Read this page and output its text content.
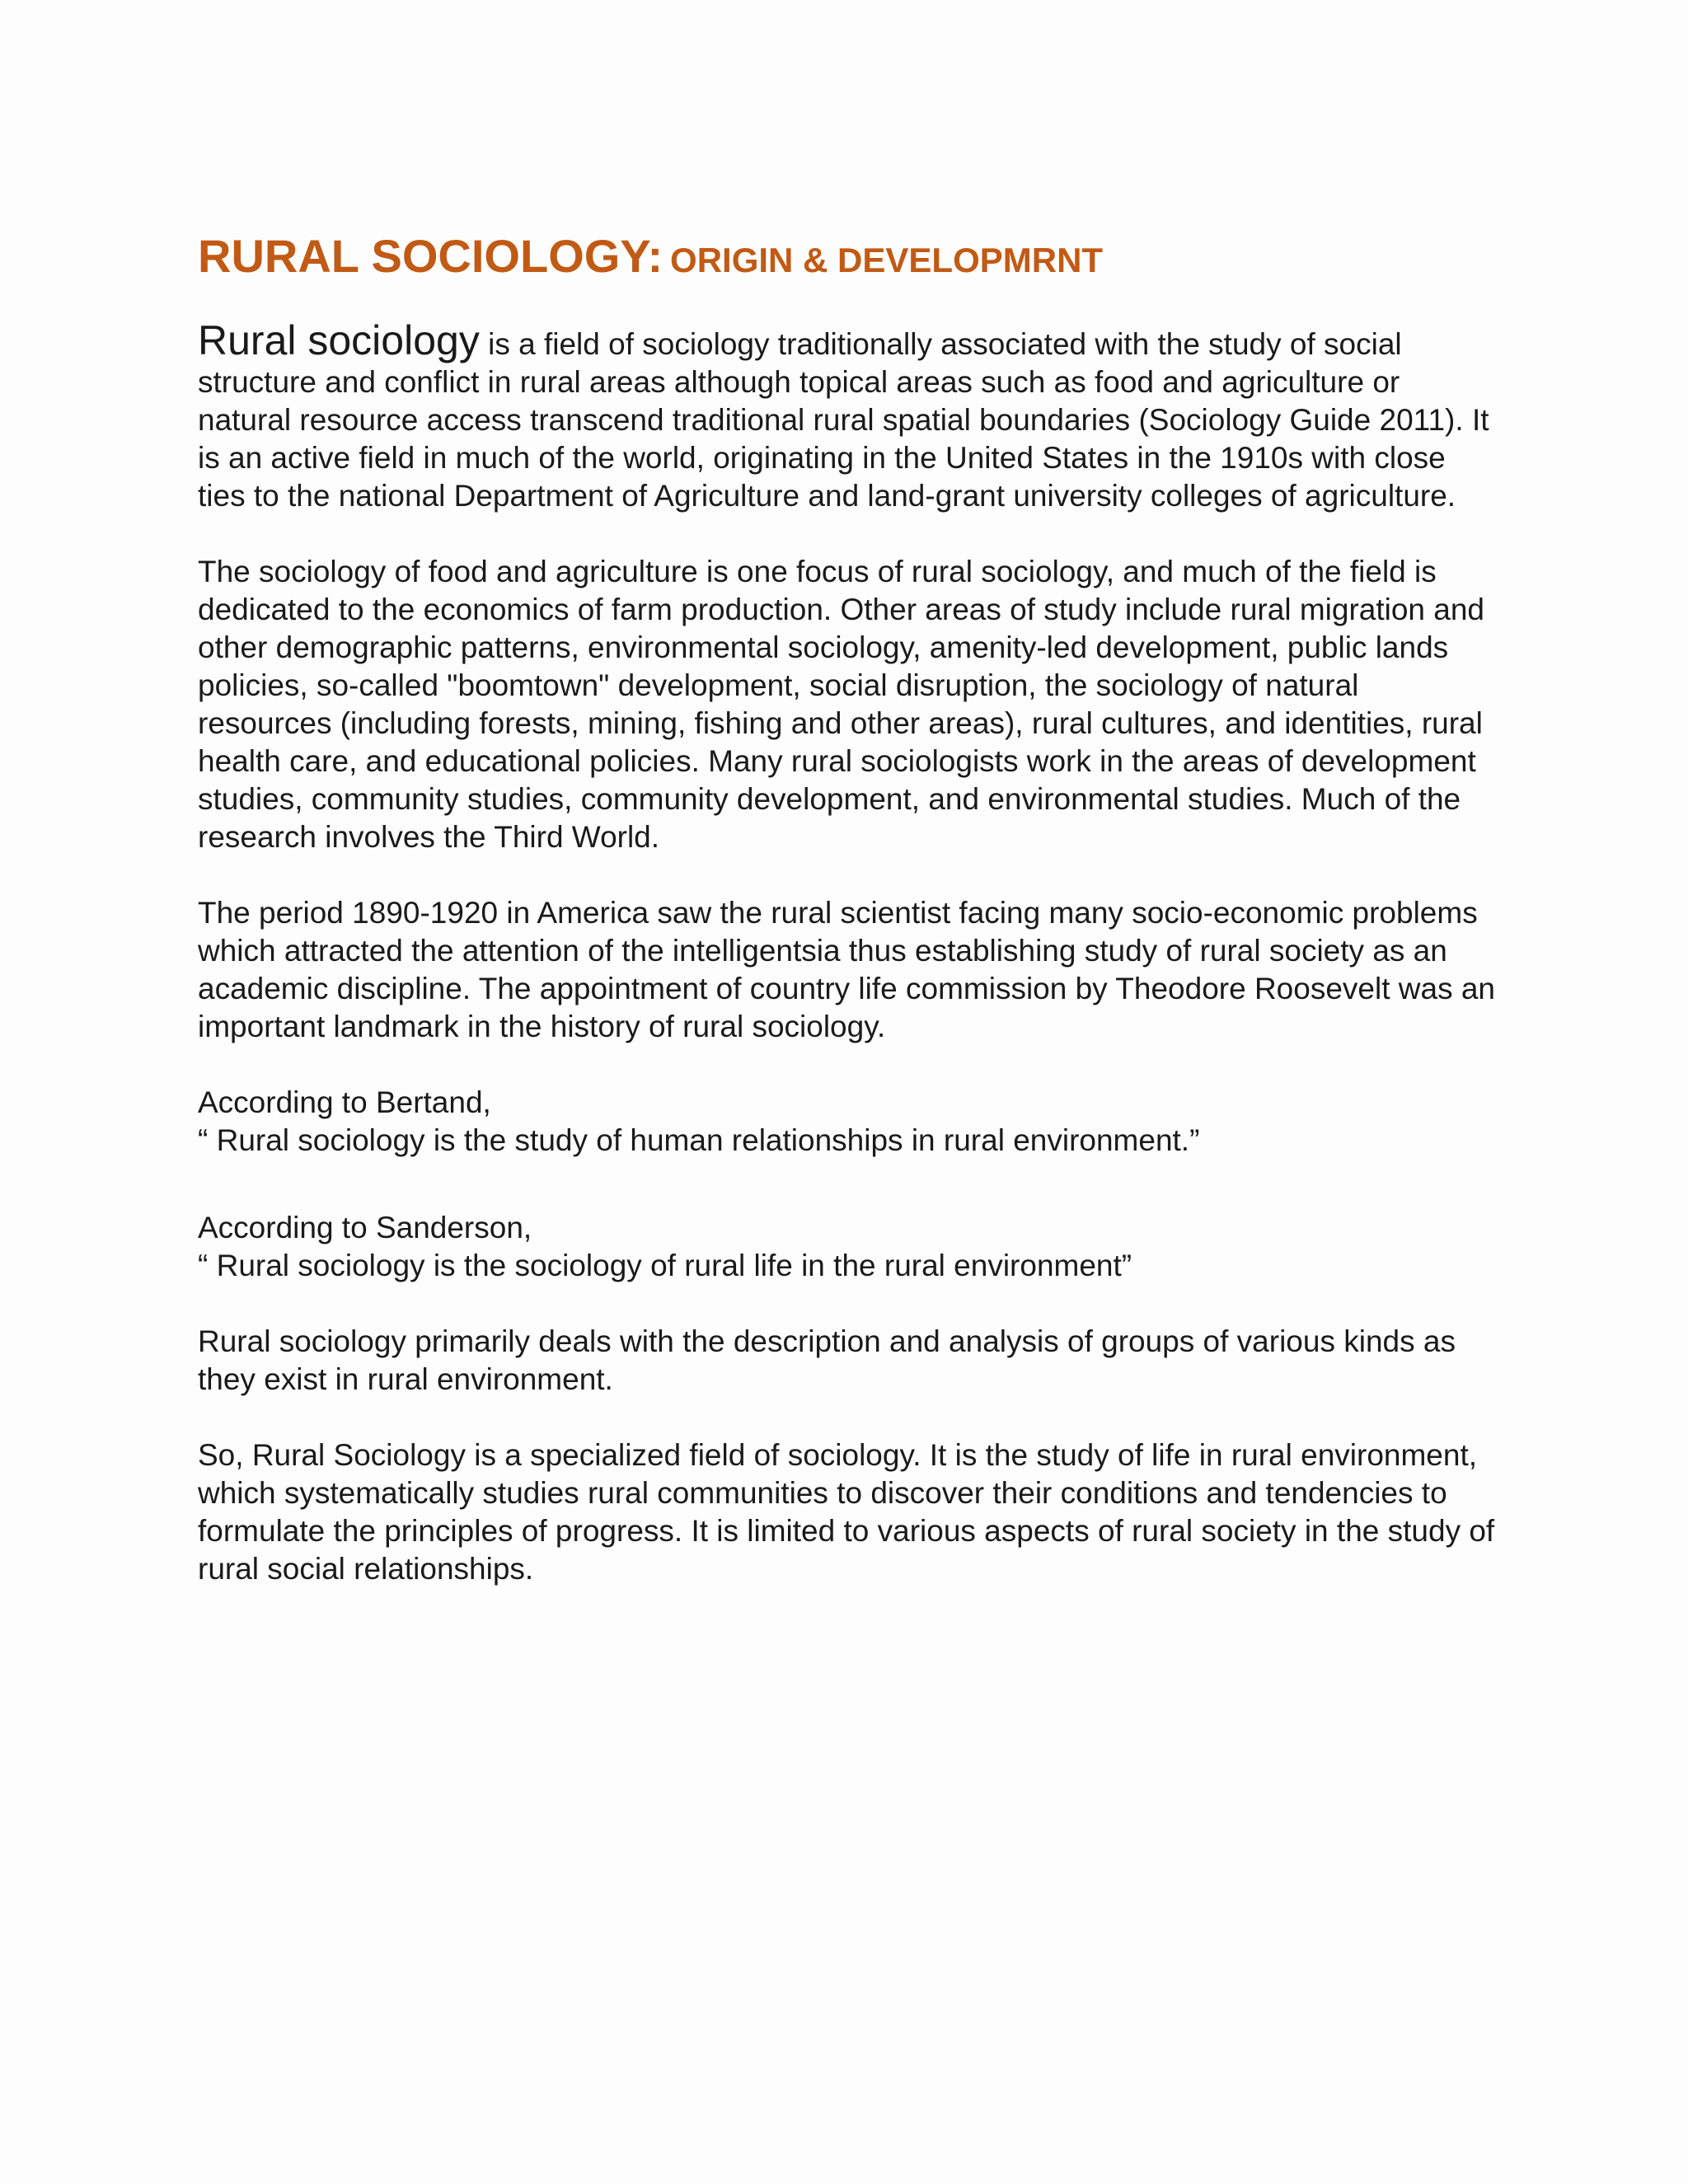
RURAL SOCIOLOGY: ORIGIN & DEVELOPMRNT

Rural sociology is a field of sociology traditionally associated with the study of social structure and conflict in rural areas although topical areas such as food and agriculture or natural resource access transcend traditional rural spatial boundaries (Sociology Guide 2011). It is an active field in much of the world, originating in the United States in the 1910s with close ties to the national Department of Agriculture and land-grant university colleges of agriculture.

The sociology of food and agriculture is one focus of rural sociology, and much of the field is dedicated to the economics of farm production. Other areas of study include rural migration and other demographic patterns, environmental sociology, amenity-led development, public lands policies, so-called "boomtown" development, social disruption, the sociology of natural resources (including forests, mining, fishing and other areas), rural cultures, and identities, rural health care, and educational policies. Many rural sociologists work in the areas of development studies, community studies, community development, and environmental studies. Much of the research involves the Third World.

The period 1890-1920 in America saw the rural scientist facing many socio-economic problems which attracted the attention of the intelligentsia thus establishing study of rural society as an academic discipline. The appointment of country life commission by Theodore Roosevelt was an important landmark in the history of rural sociology.

According to Bertand,
“ Rural sociology is the study of human relationships in rural environment.”
According to Sanderson,
“ Rural sociology is the sociology of rural life in the rural environment”

Rural sociology primarily deals with the description and analysis of groups of various kinds as they exist in rural environment.

So, Rural Sociology is a specialized field of sociology. It is the study of life in rural environment, which systematically studies rural communities to discover their conditions and tendencies to formulate the principles of progress. It is limited to various aspects of rural society in the study of rural social relationships.
